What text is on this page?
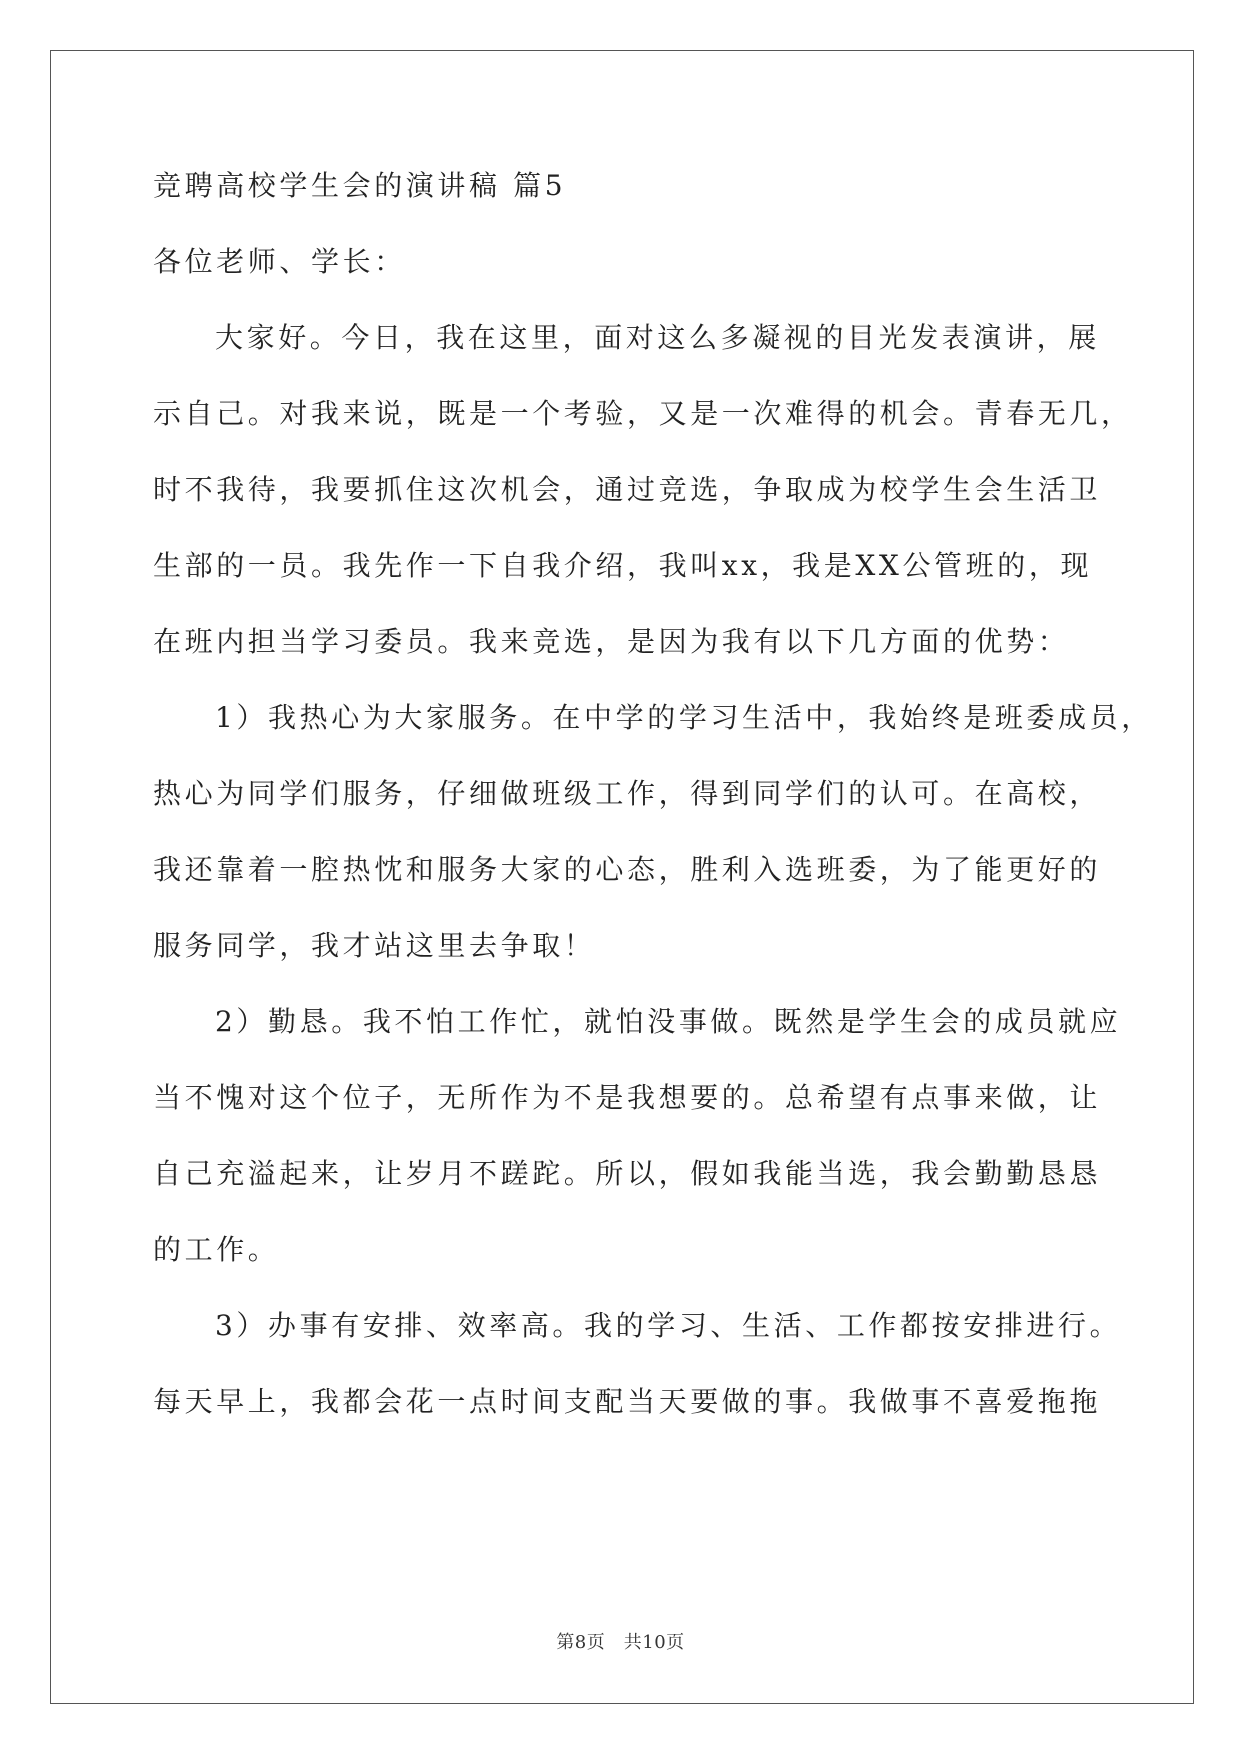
竞聘高校学生会的演讲稿 篇5
各位老师、学长：
大家好。今日，我在这里，面对这么多凝视的目光发表演讲，展
示自己。对我来说，既是一个考验，又是一次难得的机会。青春无几，
时不我待，我要抓住这次机会，通过竞选，争取成为校学生会生活卫
生部的一员。我先作一下自我介绍，我叫xx，我是XX公管班的，现
在班内担当学习委员。我来竞选，是因为我有以下几方面的优势：
1）我热心为大家服务。在中学的学习生活中，我始终是班委成员，
热心为同学们服务，仔细做班级工作，得到同学们的认可。在高校，
我还靠着一腔热忱和服务大家的心态，胜利入选班委，为了能更好的
服务同学，我才站这里去争取！
2）勤恳。我不怕工作忙，就怕没事做。既然是学生会的成员就应
当不愧对这个位子，无所作为不是我想要的。总希望有点事来做，让
自己充溢起来，让岁月不蹉跎。所以，假如我能当选，我会勤勤恳恳
的工作。
3）办事有安排、效率高。我的学习、生活、工作都按安排进行。
每天早上，我都会花一点时间支配当天要做的事。我做事不喜爱拖拖
第8页　共10页
